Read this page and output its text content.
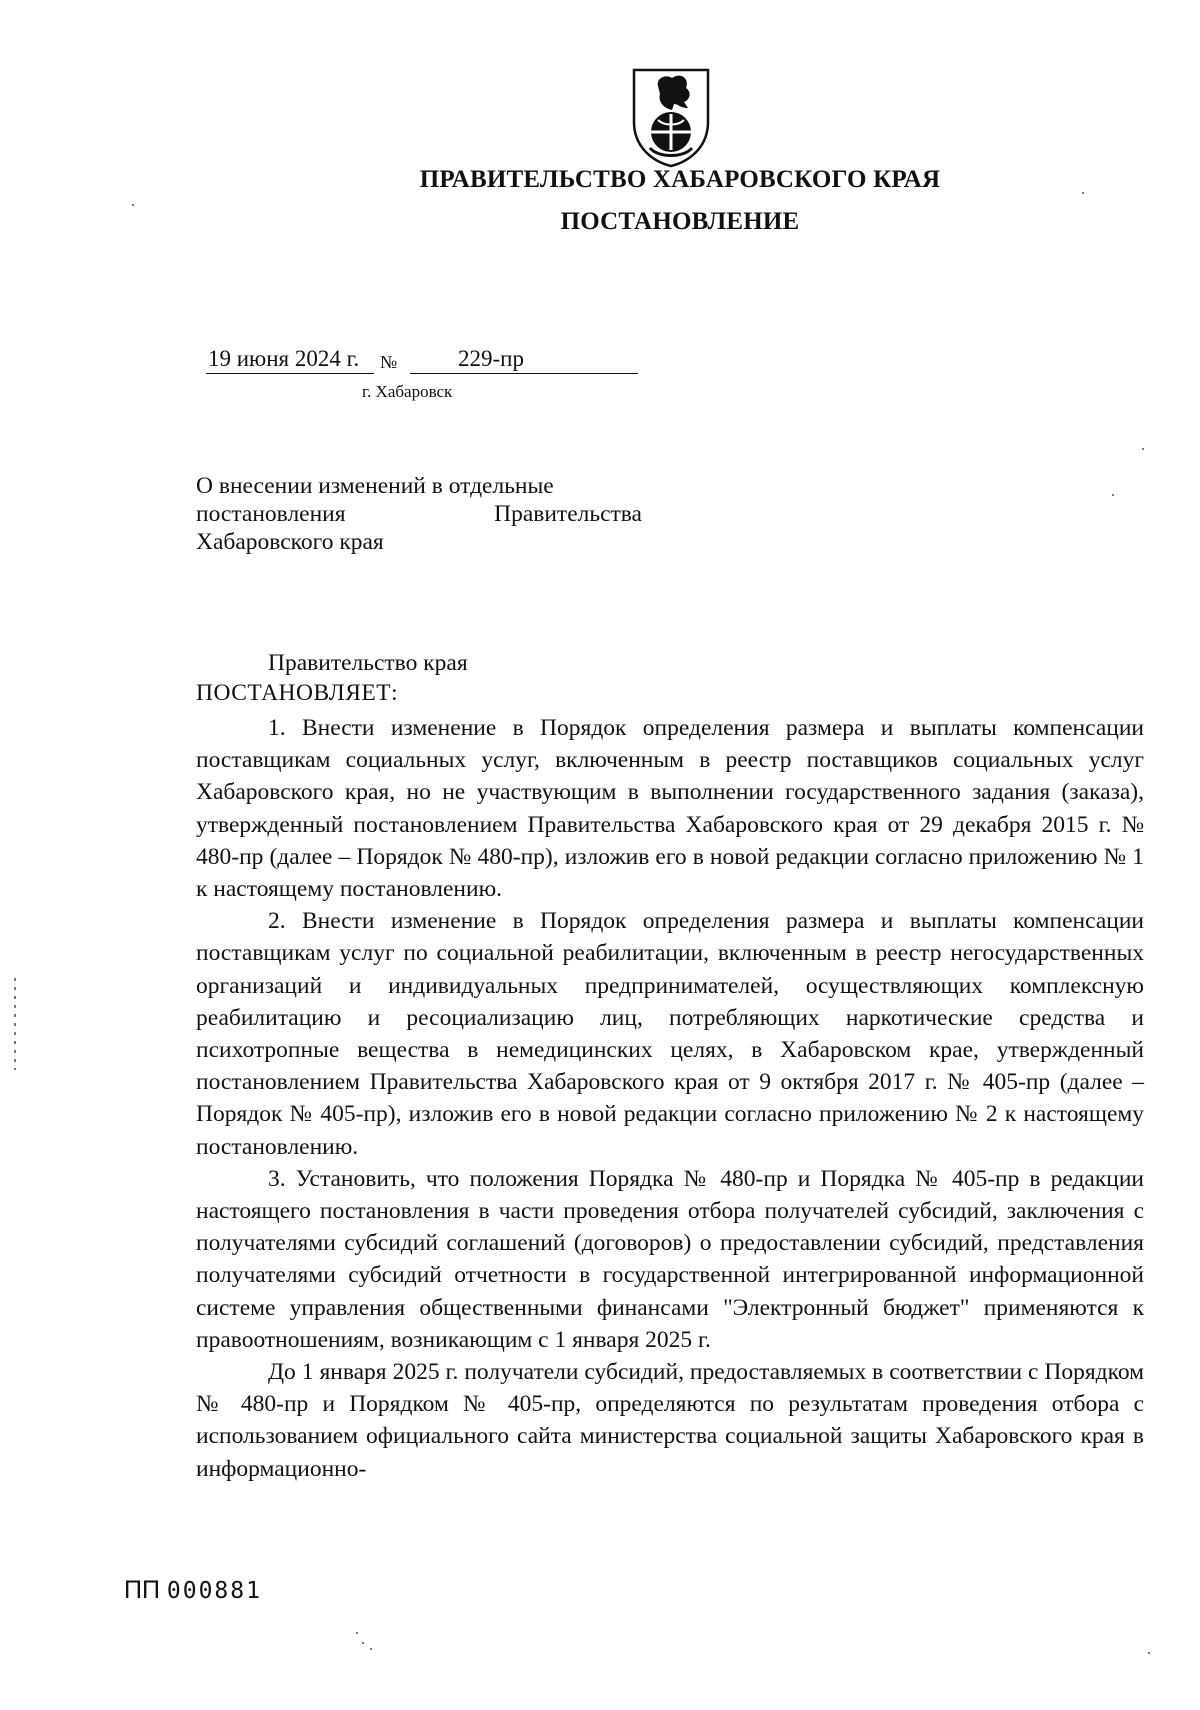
ПРАВИТЕЛЬСТВО ХАБАРОВСКОГО КРАЯ
ПОСТАНОВЛЕНИЕ
19 июня 2024 г.	№	229-пр
г. Хабаровск
О внесении изменений в отдельные
постановления Правительства
Хабаровского края
Правительство края
ПОСТАНОВЛЯЕТ:

1. Внести изменение в Порядок определения размера и выплаты компенсации поставщикам социальных услуг, включенным в реестр поставщиков социальных услуг Хабаровского края, но не участвующим в выполнении государственного задания (заказа), утвержденный постановлением Правительства Хабаровского края от 29 декабря 2015 г. № 480-пр (далее – Порядок № 480-пр), изложив его в новой редакции согласно приложению № 1 к настоящему постановлению.

2. Внести изменение в Порядок определения размера и выплаты компенсации поставщикам услуг по социальной реабилитации, включенным в реестр негосударственных организаций и индивидуальных предпринимателей, осуществляющих комплексную реабилитацию и ресоциализацию лиц, потребляющих наркотические средства и психотропные вещества в немедицинских целях, в Хабаровском крае, утвержденный постановлением Правительства Хабаровского края от 9 октября 2017 г. № 405-пр (далее – Порядок № 405-пр), изложив его в новой редакции согласно приложению № 2 к настоящему постановлению.

3. Установить, что положения Порядка № 480-пр и Порядка № 405-пр в редакции настоящего постановления в части проведения отбора получателей субсидий, заключения с получателями субсидий соглашений (договоров) о предоставлении субсидий, представления получателями субсидий отчетности в государственной интегрированной информационной системе управления общественными финансами "Электронный бюджет" применяются к правоотношениям, возникающим с 1 января 2025 г.

До 1 января 2025 г. получатели субсидий, предоставляемых в соответствии с Порядком № 480-пр и Порядком № 405-пр, определяются по результатам проведения отбора с использованием официального сайта министерства социальной защиты Хабаровского края в информационно-

ПП 000881
